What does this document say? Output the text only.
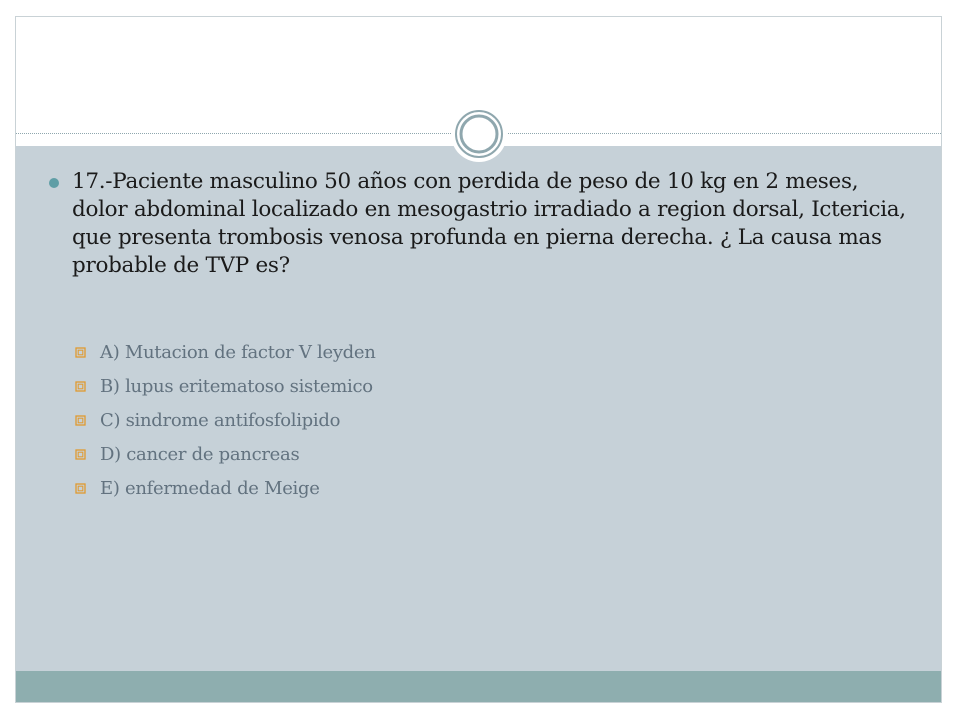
17.-Paciente masculino 50 años con perdida de peso de 10 kg en 2 meses, dolor abdominal localizado en mesogastrio irradiado a region dorsal, Ictericia, que presenta trombosis venosa profunda en pierna derecha. ¿ La causa mas probable de TVP es?
A) Mutacion de factor V leyden
B) lupus eritematoso sistemico
C) sindrome antifosfolipido
D) cancer de pancreas
E) enfermedad de Meige
